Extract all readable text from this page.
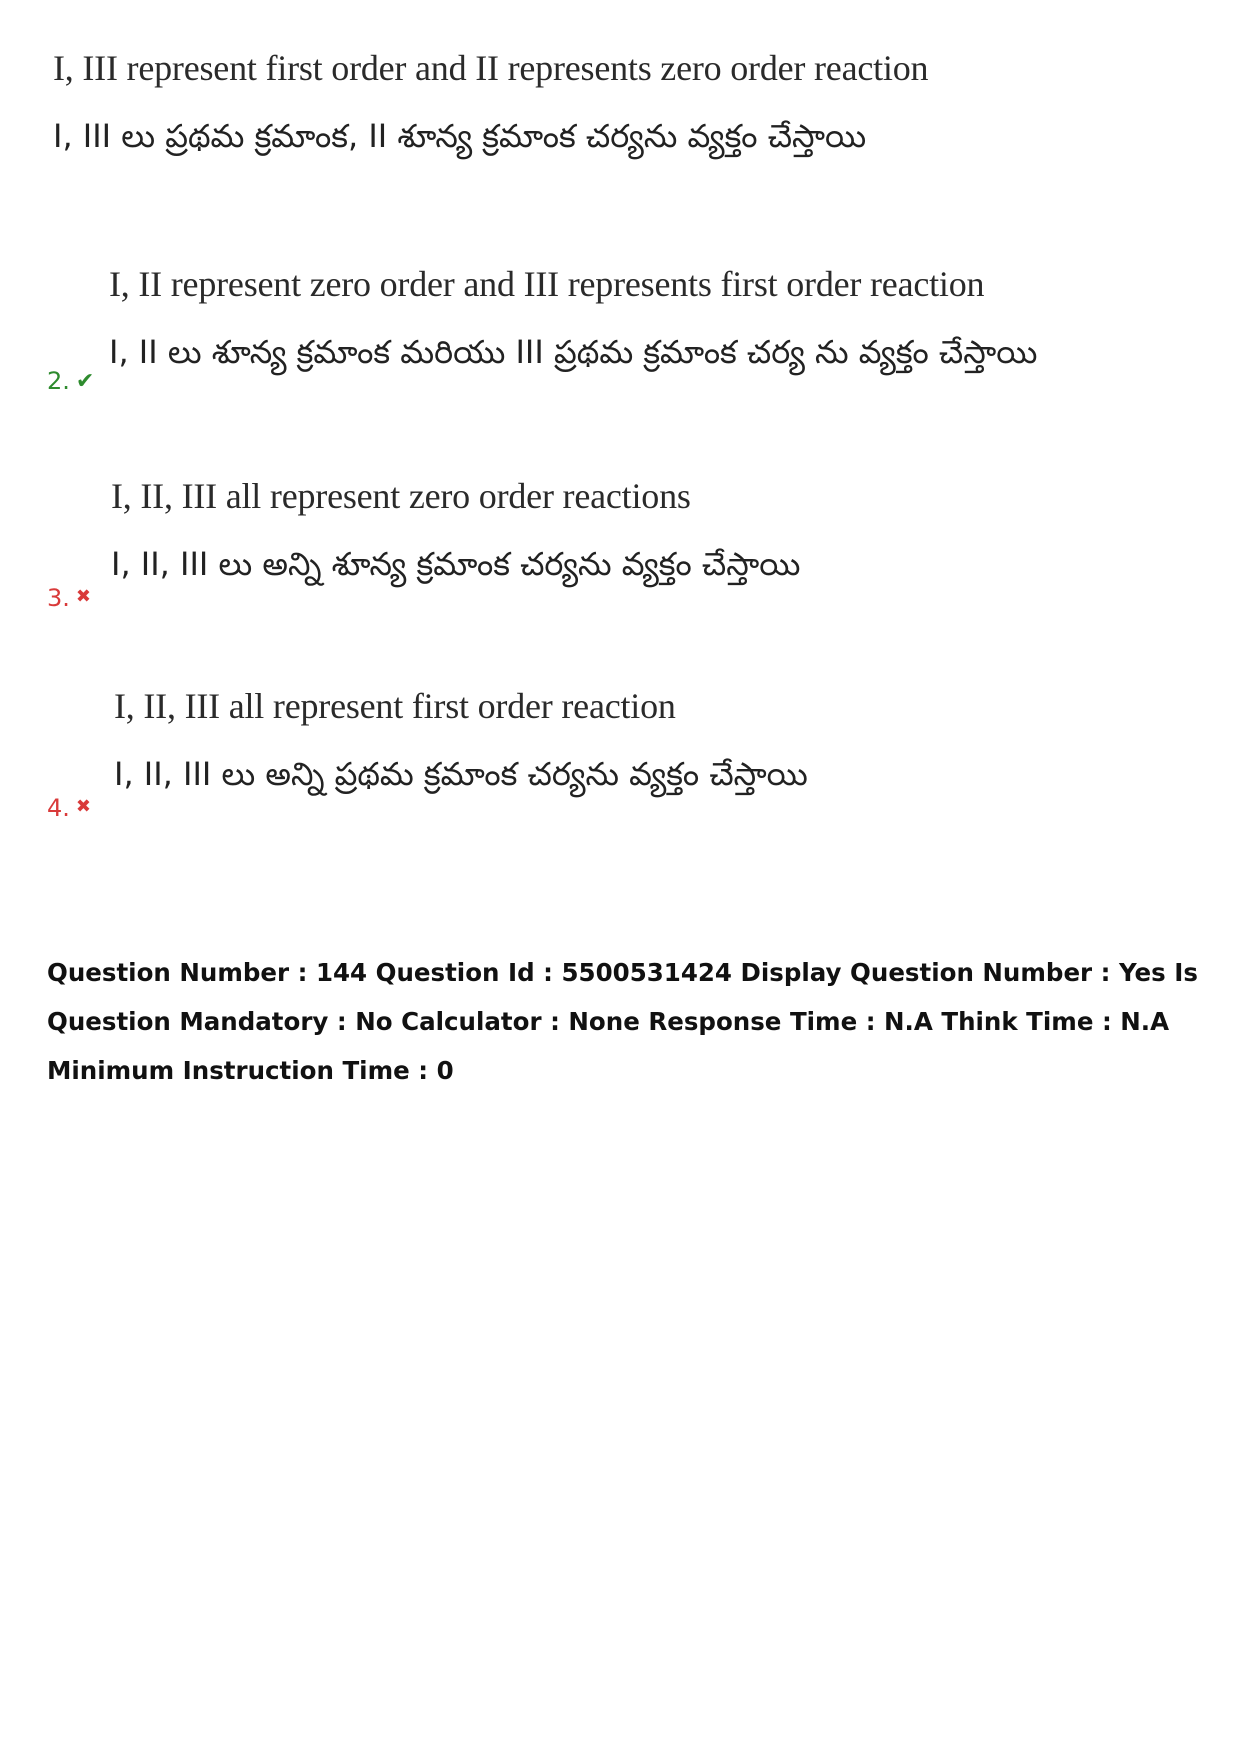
I, III represent first order and II represents zero order reaction
I, III లు ప్రథమ క్రమాంక, II శూన్య క్రమాంక చర్యను వ్యక్తం చేస్తాయి
2. ✔
I, II represent zero order and III represents first order reaction
I, II లు శూన్య క్రమాంక మరియు III ప్రథమ క్రమాంక చర్య ను వ్యక్తం చేస్తాయి
3. ✖
I, II, III all represent zero order reactions
I, II, III లు అన్ని శూన్య క్రమాంక చర్యను వ్యక్తం చేస్తాయి
4. ✖
I, II, III all represent first order reaction
I, II, III లు అన్ని ప్రథమ క్రమాంక చర్యను వ్యక్తం చేస్తాయి
Question Number : 144 Question Id : 5500531424 Display Question Number : Yes Is Question Mandatory : No Calculator : None Response Time : N.A Think Time : N.A Minimum Instruction Time : 0
